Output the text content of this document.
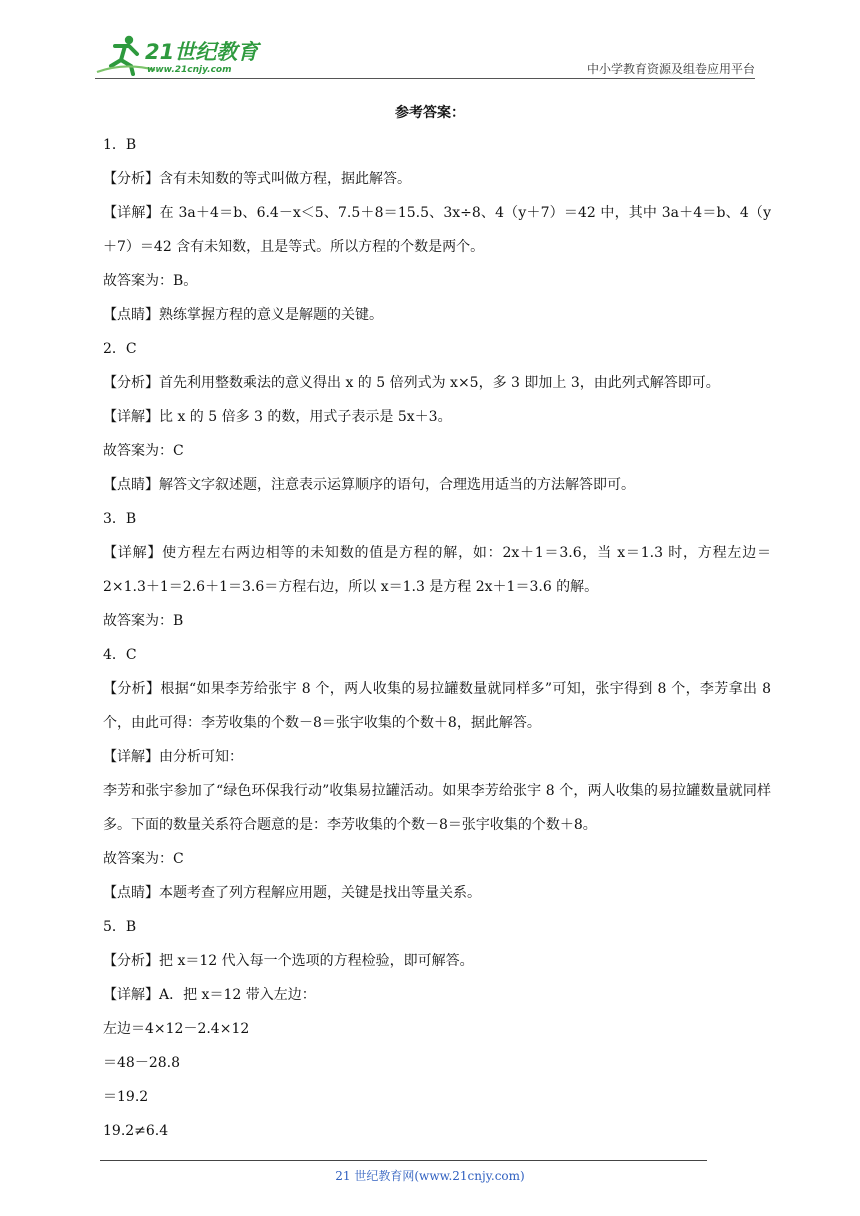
21世纪教育
www.21cnjy.com	中小学教育资源及组卷应用平台
参考答案：
1．B
【分析】含有未知数的等式叫做方程，据此解答。
【详解】在 3a＋4＝b、6.4－x＜5、7.5＋8＝15.5、3x÷8、4（y＋7）＝42 中，其中 3a＋4＝b、4（y＋7）＝42 含有未知数，且是等式。所以方程的个数是两个。
故答案为：B。
【点睛】熟练掌握方程的意义是解题的关键。
2．C
【分析】首先利用整数乘法的意义得出 x 的 5 倍列式为 x×5，多 3 即加上 3，由此列式解答即可。
【详解】比 x 的 5 倍多 3 的数，用式子表示是 5x＋3。
故答案为：C
【点睛】解答文字叙述题，注意表示运算顺序的语句，合理选用适当的方法解答即可。
3．B
【详解】使方程左右两边相等的未知数的值是方程的解，如：2x＋1＝3.6，当 x＝1.3 时，方程左边＝2×1.3＋1＝2.6＋1＝3.6＝方程右边，所以 x＝1.3 是方程 2x＋1＝3.6 的解。
故答案为：B
4．C
【分析】根据“如果李芳给张宇 8 个，两人收集的易拉罐数量就同样多”可知，张宇得到 8 个，李芳拿出 8 个，由此可得：李芳收集的个数－8＝张宇收集的个数＋8，据此解答。
【详解】由分析可知：
李芳和张宇参加了“绿色环保我行动”收集易拉罐活动。如果李芳给张宇 8 个，两人收集的易拉罐数量就同样多。下面的数量关系符合题意的是：李芳收集的个数－8＝张宇收集的个数＋8。
故答案为：C
【点睛】本题考查了列方程解应用题，关键是找出等量关系。
5．B
【分析】把 x＝12 代入每一个选项的方程检验，即可解答。
【详解】A．把 x＝12 带入左边：
左边＝4×12－2.4×12
＝48－28.8
＝19.2
19.2≠6.4
21 世纪教育网(www.21cnjy.com)
